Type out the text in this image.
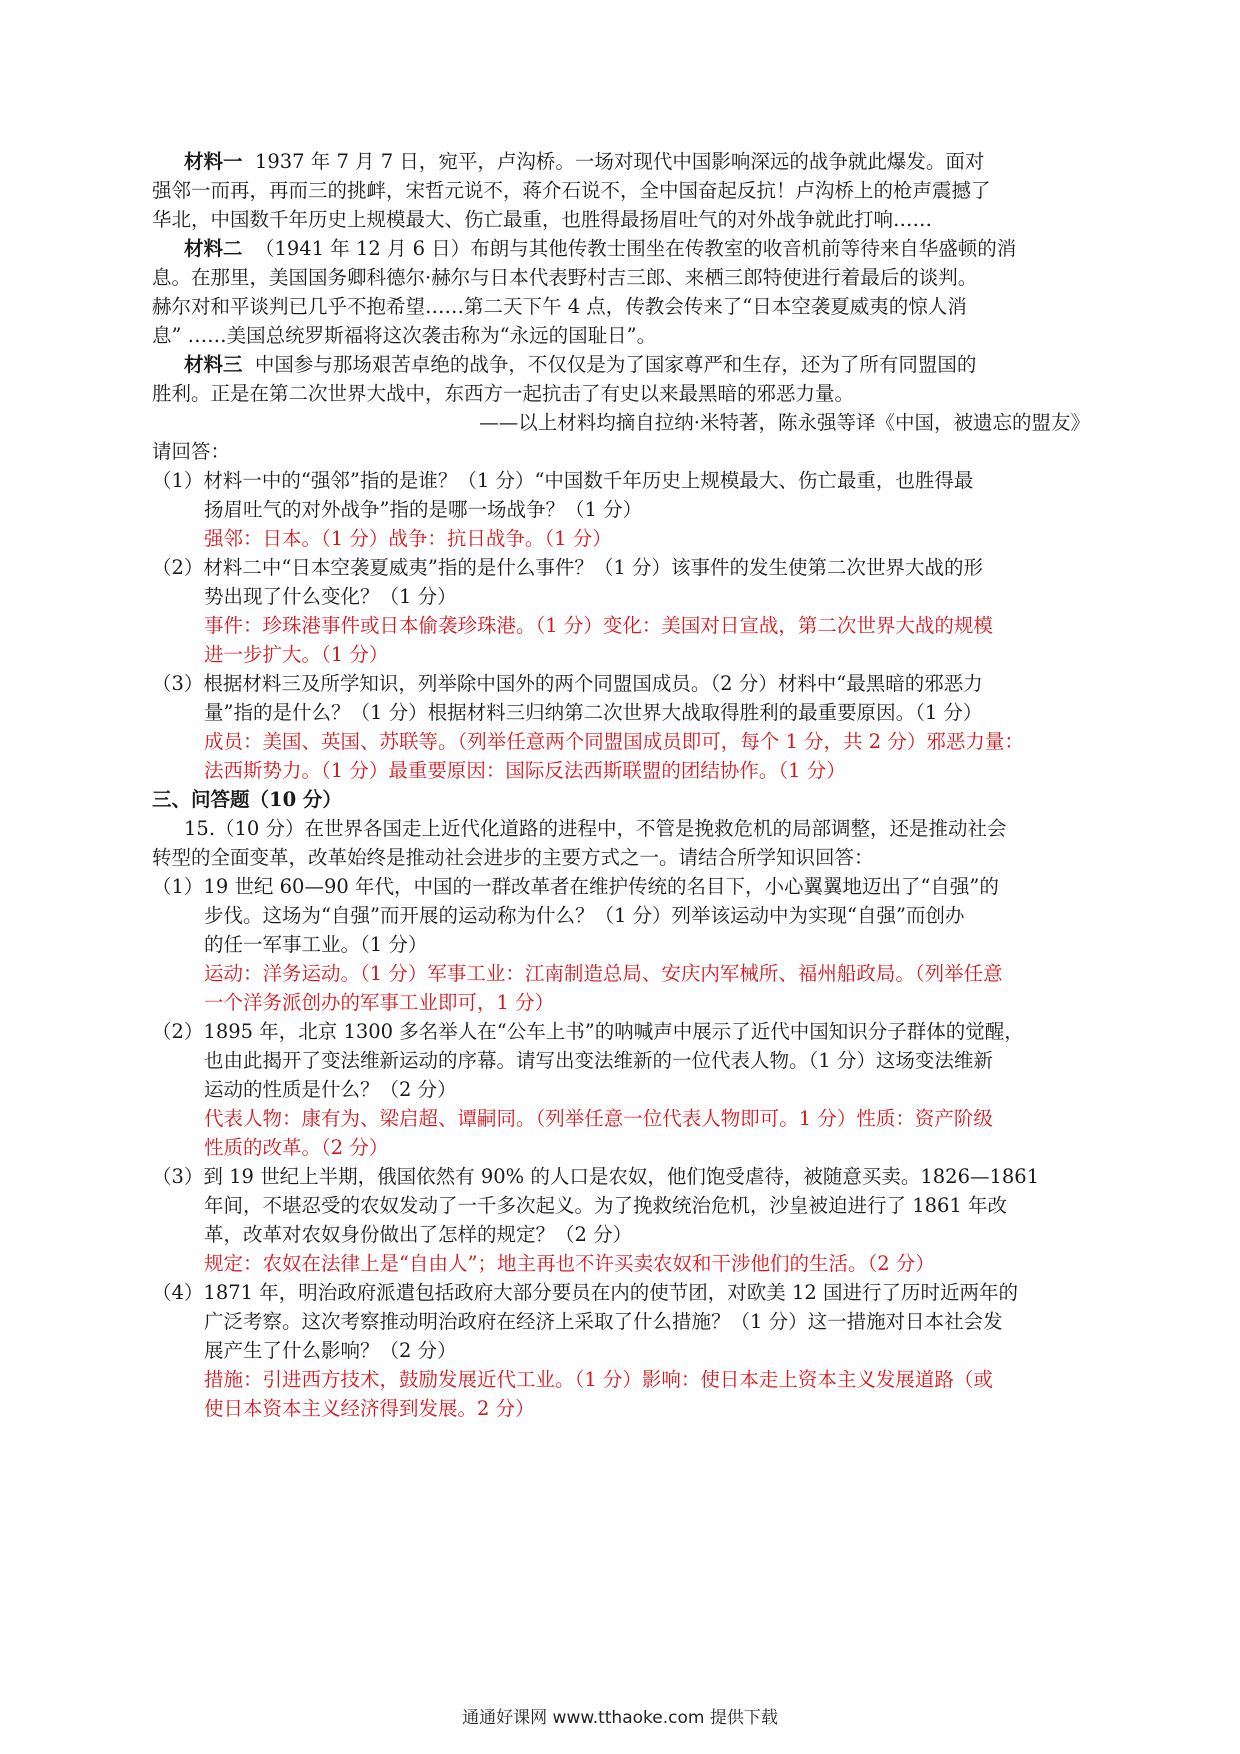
材料一 1937 年 7 月 7 日，宛平，卢沟桥。一场对现代中国影响深远的战争就此爆发。面对
强邻一而再，再而三的挑衅，宋哲元说不，蒋介石说不，全中国奋起反抗！卢沟桥上的枪声震撼了
华北，中国数千年历史上规模最大、伤亡最重，也胜得最扬眉吐气的对外战争就此打响……
材料二 （1941 年 12 月 6 日）布朗与其他传教士围坐在传教室的收音机前等待来自华盛顿的消
息。在那里，美国国务卿科德尔·赫尔与日本代表野村吉三郎、来栖三郎特使进行着最后的谈判。
赫尔对和平谈判已几乎不抱希望……第二天下午 4 点，传教会传来了“日本空袭夏威夷的惊人消
息” ……美国总统罗斯福将这次袭击称为“永远的国耻日”。
材料三 中国参与那场艰苦卓绝的战争，不仅仅是为了国家尊严和生存，还为了所有同盟国的
胜利。正是在第二次世界大战中，东西方一起抗击了有史以来最黑暗的邪恶力量。
——以上材料均摘自拉纳·米特著，陈永强等译《中国，被遗忘的盟友》
请回答：
（1）材料一中的“强邻”指的是谁？（1 分）“中国数千年历史上规模最大、伤亡最重，也胜得最
扬眉吐气的对外战争”指的是哪一场战争？（1 分）
强邻：日本。（1 分）战争：抗日战争。（1 分）
（2）材料二中“日本空袭夏威夷”指的是什么事件？（1 分）该事件的发生使第二次世界大战的形
势出现了什么变化？（1 分）
事件：珍珠港事件或日本偷袭珍珠港。（1 分）变化：美国对日宣战，第二次世界大战的规模
进一步扩大。（1 分）
（3）根据材料三及所学知识，列举除中国外的两个同盟国成员。（2 分）材料中“最黑暗的邪恶力
量”指的是什么？（1 分）根据材料三归纳第二次世界大战取得胜利的最重要原因。（1 分）
成员：美国、英国、苏联等。（列举任意两个同盟国成员即可，每个 1 分，共 2 分）邪恶力量：
法西斯势力。（1 分）最重要原因：国际反法西斯联盟的团结协作。（1 分）
三、问答题（10 分）
15.（10 分）在世界各国走上近代化道路的进程中，不管是挽救危机的局部调整，还是推动社会
转型的全面变革，改革始终是推动社会进步的主要方式之一。请结合所学知识回答：
（1）19 世纪 60—90 年代，中国的一群改革者在维护传统的名目下，小心翼翼地迈出了“自强”的
步伐。这场为“自强”而开展的运动称为什么？（1 分）列举该运动中为实现“自强”而创办
的任一军事工业。（1 分）
运动：洋务运动。（1 分）军事工业：江南制造总局、安庆内军械所、福州船政局。（列举任意
一个洋务派创办的军事工业即可，1 分）
（2）1895 年，北京 1300 多名举人在“公车上书”的呐喊声中展示了近代中国知识分子群体的觉醒，
也由此揭开了变法维新运动的序幕。请写出变法维新的一位代表人物。（1 分）这场变法维新
运动的性质是什么？（2 分）
代表人物：康有为、梁启超、谭嗣同。（列举任意一位代表人物即可。1 分）性质：资产阶级
性质的改革。（2 分）
（3）到 19 世纪上半期，俄国依然有 90% 的人口是农奴，他们饱受虐待，被随意买卖。1826—1861
年间，不堪忍受的农奴发动了一千多次起义。为了挽救统治危机，沙皇被迫进行了 1861 年改
革，改革对农奴身份做出了怎样的规定？（2 分）
规定：农奴在法律上是“自由人”；地主再也不许买卖农奴和干涉他们的生活。（2 分）
（4）1871 年，明治政府派遣包括政府大部分要员在内的使节团，对欧美 12 国进行了历时近两年的
广泛考察。这次考察推动明治政府在经济上采取了什么措施？（1 分）这一措施对日本社会发
展产生了什么影响？（2 分）
措施：引进西方技术，鼓励发展近代工业。（1 分）影响：使日本走上资本主义发展道路（或
使日本资本主义经济得到发展。2 分）
通通好课网 www.tthaoke.com 提供下载
